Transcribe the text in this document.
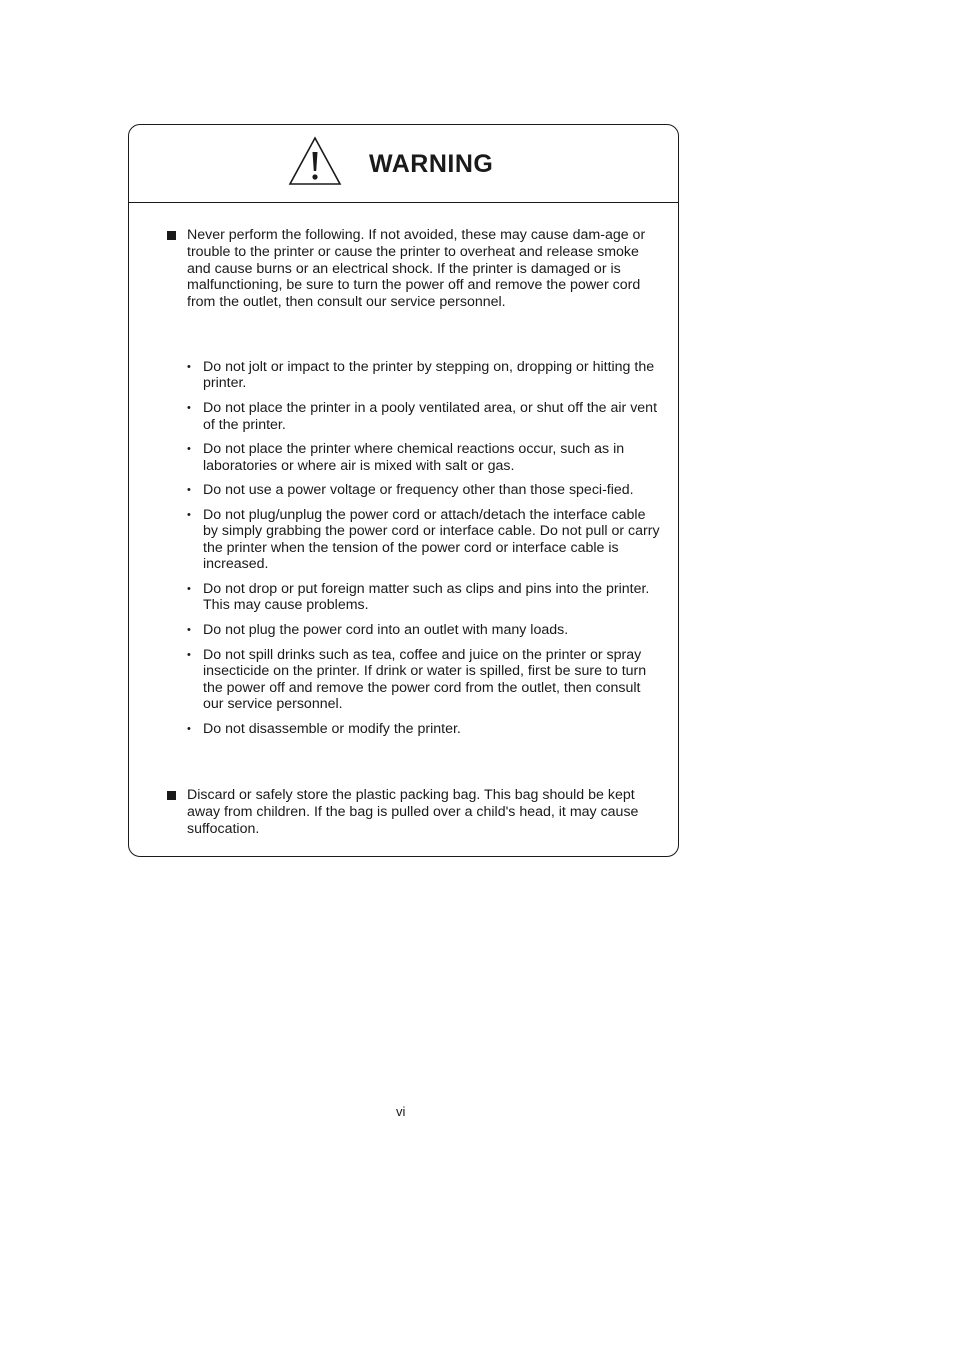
WARNING
Never perform the following. If not avoided, these may cause dam-age or trouble to the printer or cause the printer to overheat and release smoke and cause burns or an electrical shock. If the printer is damaged or is malfunctioning, be sure to turn the power off and remove the power cord from the outlet, then consult our service personnel.
• Do not jolt or impact to the printer by stepping on, dropping or hitting the printer.
• Do not place the printer in a pooly ventilated area, or shut off the air vent of the printer.
• Do not place the printer where chemical reactions occur, such as in laboratories or where air is mixed with salt or gas.
• Do not use a power voltage or frequency other than those speci-fied.
• Do not plug/unplug the power cord or attach/detach the interface cable by simply grabbing the power cord or interface cable. Do not pull or carry the printer when the tension of the power cord or interface cable is increased.
• Do not drop or put foreign matter such as clips and pins into the printer. This may cause problems.
• Do not plug the power cord into an outlet with many loads.
• Do not spill drinks such as tea, coffee and juice on the printer or spray insecticide on the printer. If drink or water is spilled, first be sure to turn the power off and remove the power cord from the outlet, then consult our service personnel.
• Do not disassemble or modify the printer.
Discard or safely store the plastic packing bag. This bag should be kept away from children. If the bag is pulled over a child's head, it may cause suffocation.
vi
